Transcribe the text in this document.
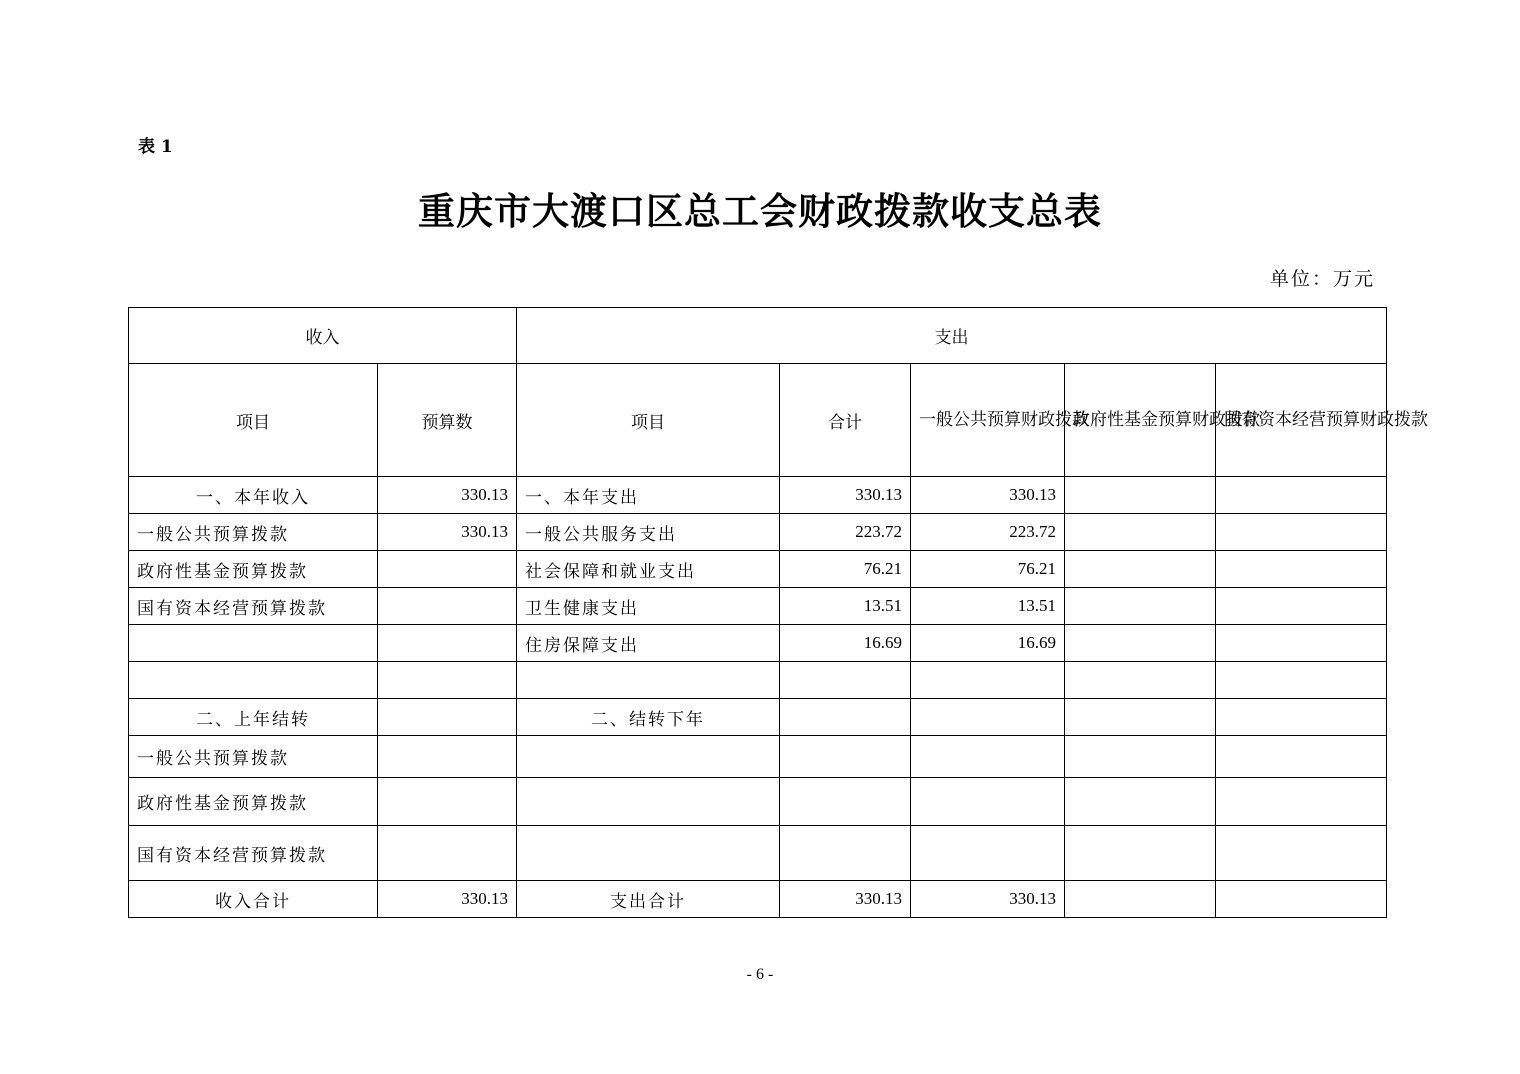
表 1
重庆市大渡口区总工会财政拨款收支总表
单位：万元
收入		支出				
项目	预算数	项目	合计	一般公共预算财政拨款	政府性基金预算财政拨款	国有资本经营预算财政拨款
一、本年收入	330.13	一、本年支出	330.13	330.13		
一般公共预算拨款	330.13	一般公共服务支出	223.72	223.72		
政府性基金预算拨款		社会保障和就业支出	76.21	76.21		
国有资本经营预算拨款		卫生健康支出	13.51	13.51		
		住房保障支出	16.69	16.69		

二、上年结转		二、结转下年				
一般公共预算拨款						
政府性基金预算拨款						
国有资本经营预算拨款						
收入合计	330.13	支出合计	330.13	330.13		
- 6 -
